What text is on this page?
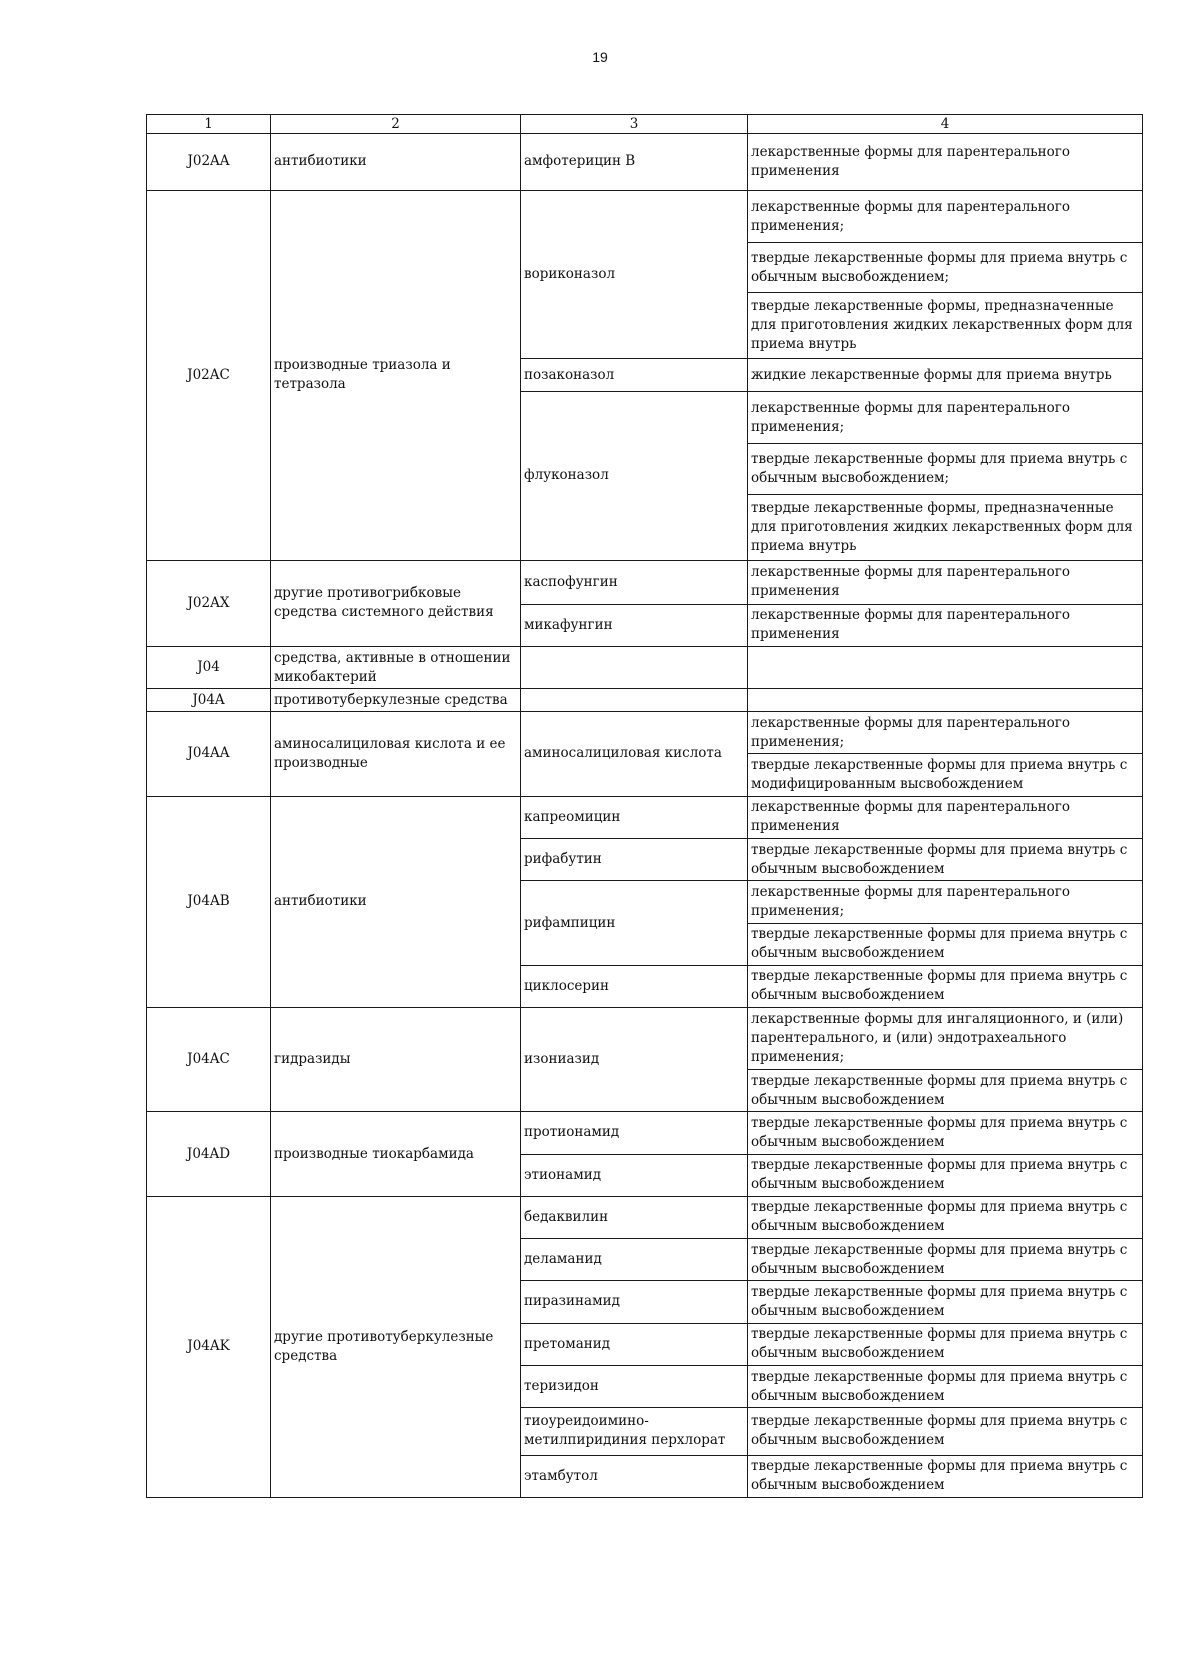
19
1	2	3	4
J02AA	антибиотики	амфотерицин B	лекарственные формы для парентерального применения
J02AC	производные триазола и тетразола	вориконазол	лекарственные формы для парентерального применения;
			твердые лекарственные формы для приема внутрь с обычным высвобождением;
			твердые лекарственные формы, предназначенные для приготовления жидких лекарственных форм для приема внутрь
		позаконазол	жидкие лекарственные формы для приема внутрь
		флуконазол	лекарственные формы для парентерального применения;
			твердые лекарственные формы для приема внутрь с обычным высвобождением;
			твердые лекарственные формы, предназначенные для приготовления жидких лекарственных форм для приема внутрь
J02AX	другие противогрибковые средства системного действия	каспофунгин	лекарственные формы для парентерального применения
		микафунгин	лекарственные формы для парентерального применения
J04	средства, активные в отношении микобактерий		
J04A	противотуберкулезные средства		
J04AA	аминосалициловая кислота и ее производные	аминосалициловая кислота	лекарственные формы для парентерального применения;
			твердые лекарственные формы для приема внутрь с модифицированным высвобождением
J04AB	антибиотики	капреомицин	лекарственные формы для парентерального применения
		рифабутин	твердые лекарственные формы для приема внутрь с обычным высвобождением
		рифампицин	лекарственные формы для парентерального применения;
			твердые лекарственные формы для приема внутрь с обычным высвобождением
		циклосерин	твердые лекарственные формы для приема внутрь с обычным высвобождением
J04AC	гидразиды	изониазид	лекарственные формы для ингаляционного, и (или) парентерального, и (или) эндотрахеального применения;
			твердые лекарственные формы для приема внутрь с обычным высвобождением
J04AD	производные тиокарбамида	протионамид	твердые лекарственные формы для приема внутрь с обычным высвобождением
		этионамид	твердые лекарственные формы для приема внутрь с обычным высвобождением
J04AK	другие противотуберкулезные средства	бедаквилин	твердые лекарственные формы для приема внутрь с обычным высвобождением
		деламанид	твердые лекарственные формы для приема внутрь с обычным высвобождением
		пиразинамид	твердые лекарственные формы для приема внутрь с обычным высвобождением
		претоманид	твердые лекарственные формы для приема внутрь с обычным высвобождением
		теризидон	твердые лекарственные формы для приема внутрь с обычным высвобождением
		тиоуреидоимино-метилпиридиния перхлорат	твердые лекарственные формы для приема внутрь с обычным высвобождением
		этамбутол	твердые лекарственные формы для приема внутрь с обычным высвобождением
